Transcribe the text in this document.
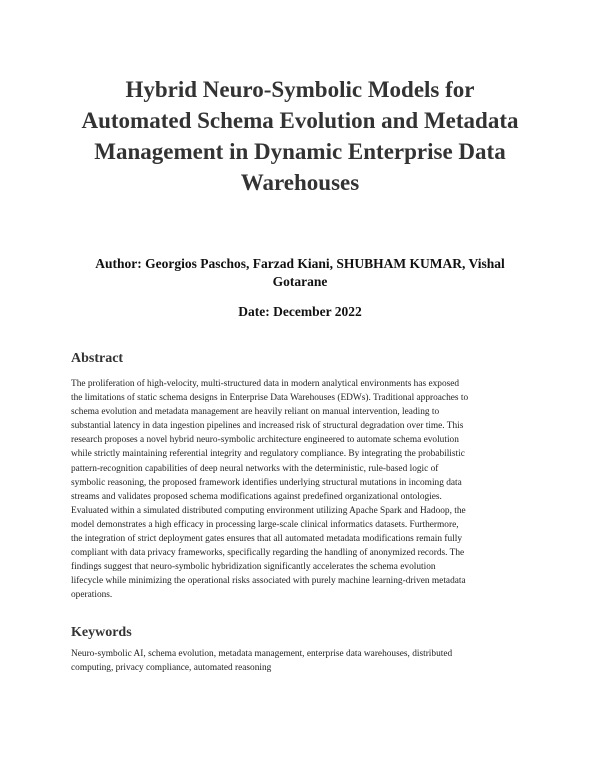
Hybrid Neuro-Symbolic Models for
Automated Schema Evolution and Metadata
Management in Dynamic Enterprise Data
Warehouses
Author: Georgios Paschos, Farzad Kiani, SHUBHAM KUMAR, Vishal
Gotarane
Date: December 2022
Abstract
The proliferation of high-velocity, multi-structured data in modern analytical environments has exposed
the limitations of static schema designs in Enterprise Data Warehouses (EDWs). Traditional approaches to
schema evolution and metadata management are heavily reliant on manual intervention, leading to
substantial latency in data ingestion pipelines and increased risk of structural degradation over time. This
research proposes a novel hybrid neuro-symbolic architecture engineered to automate schema evolution
while strictly maintaining referential integrity and regulatory compliance. By integrating the probabilistic
pattern-recognition capabilities of deep neural networks with the deterministic, rule-based logic of
symbolic reasoning, the proposed framework identifies underlying structural mutations in incoming data
streams and validates proposed schema modifications against predefined organizational ontologies.
Evaluated within a simulated distributed computing environment utilizing Apache Spark and Hadoop, the
model demonstrates a high efficacy in processing large-scale clinical informatics datasets. Furthermore,
the integration of strict deployment gates ensures that all automated metadata modifications remain fully
compliant with data privacy frameworks, specifically regarding the handling of anonymized records. The
findings suggest that neuro-symbolic hybridization significantly accelerates the schema evolution
lifecycle while minimizing the operational risks associated with purely machine learning-driven metadata
operations.
Keywords
Neuro-symbolic AI, schema evolution, metadata management, enterprise data warehouses, distributed
computing, privacy compliance, automated reasoning
